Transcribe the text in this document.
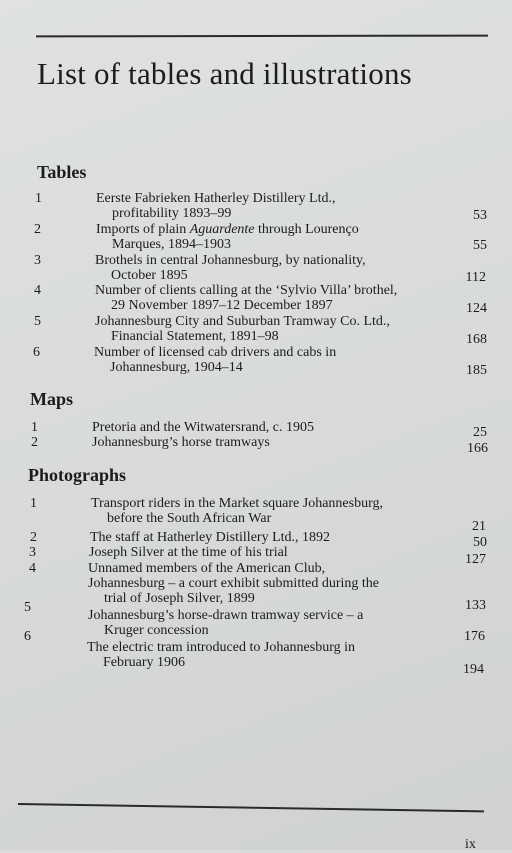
List of tables and illustrations
Tables
1	Eerste Fabrieken Hatherley Distillery Ltd.,
profitability 1893–99	53
2	Imports of plain Aguardente through Lourenço
Marques, 1894–1903	55
3	Brothels in central Johannesburg, by nationality,
October 1895	112
4	Number of clients calling at the ‘Sylvio Villa’ brothel,
29 November 1897–12 December 1897	124
5	Johannesburg City and Suburban Tramway Co. Ltd.,
Financial Statement, 1891–98	168
6	Number of licensed cab drivers and cabs in
Johannesburg, 1904–14	185
Maps
1	Pretoria and the Witwatersrand, c. 1905	25
2	Johannesburg’s horse tramways	166
Photographs
1	Transport riders in the Market square Johannesburg,
before the South African War
21
2	The staff at Hatherley Distillery Ltd., 1892	50
3	Joseph Silver at the time of his trial	127
4	Unnamed members of the American Club,
Johannesburg – a court exhibit submitted during the
trial of Joseph Silver, 1899	133
5
Johannesburg’s horse-drawn tramway service – a
Kruger concession	176
6
The electric tram introduced to Johannesburg in
February 1906	194
ix
